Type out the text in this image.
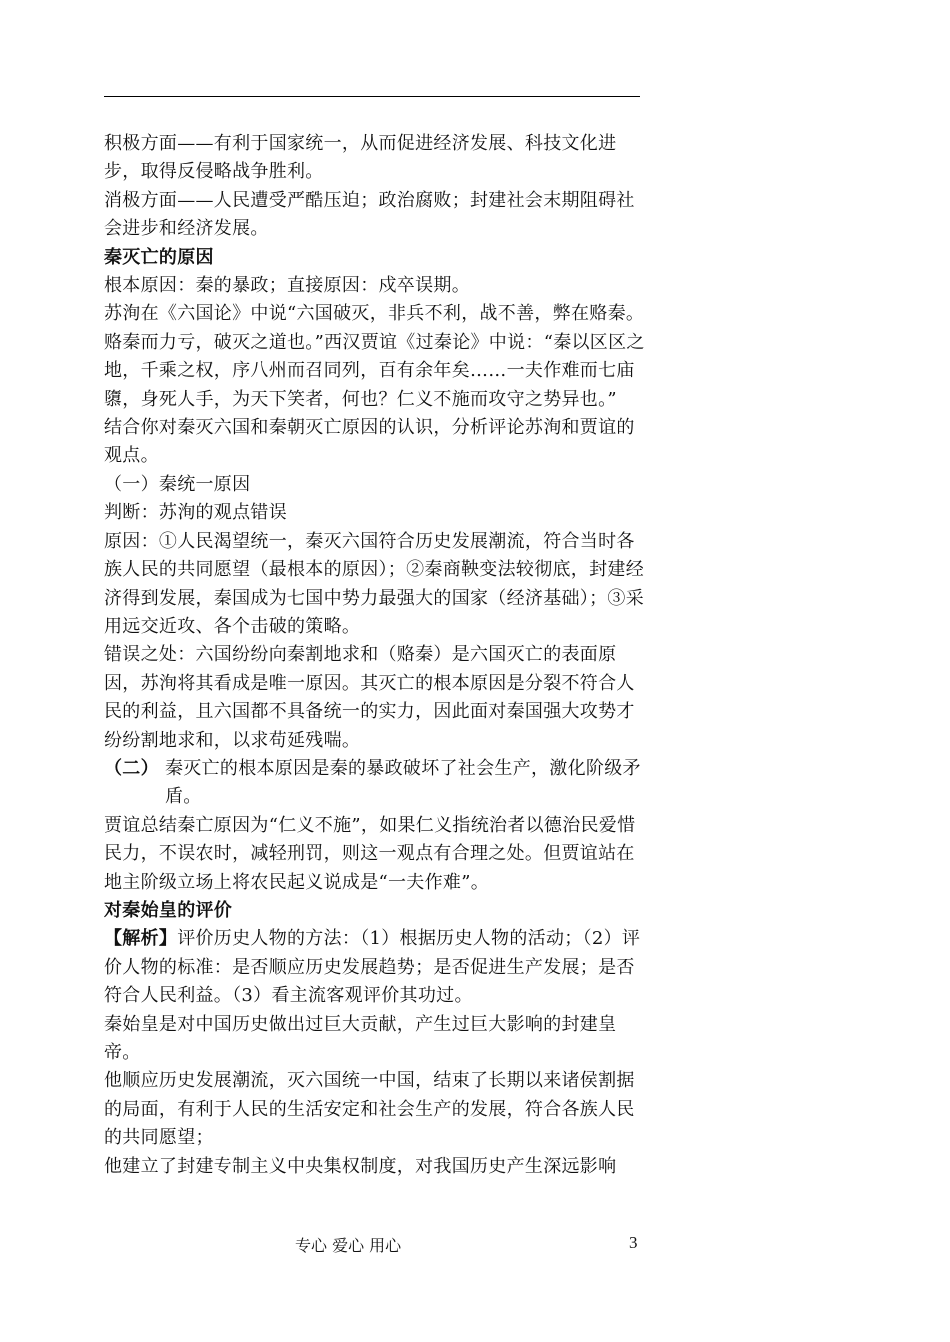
积极方面——有利于国家统一，从而促进经济发展、科技文化进步，取得反侵略战争胜利。

消极方面——人民遭受严酷压迫；政治腐败；封建社会末期阻碍社会进步和经济发展。

秦灭亡的原因

根本原因：秦的暴政；直接原因：戍卒误期。

苏洵在《六国论》中说“六国破灭，非兵不利，战不善，弊在赂秦。赂秦而力亏，破灭之道也。”西汉贾谊《过秦论》中说：“秦以区区之地，千乘之权，序八州而召同列，百有余年矣……一夫作难而七庙隳，身死人手，为天下笑者，何也？仁义不施而攻守之势异也。”

结合你对秦灭六国和秦朝灭亡原因的认识，分析评论苏洵和贾谊的观点。

（一）秦统一原因

判断：苏洵的观点错误

原因：①人民渴望统一，秦灭六国符合历史发展潮流，符合当时各族人民的共同愿望（最根本的原因）；②秦商鞅变法较彻底，封建经济得到发展，秦国成为七国中势力最强大的国家（经济基础）；③采用远交近攻、各个击破的策略。

错误之处：六国纷纷向秦割地求和（赂秦）是六国灭亡的表面原因，苏洵将其看成是唯一原因。其灭亡的根本原因是分裂不符合人民的利益，且六国都不具备统一的实力，因此面对秦国强大攻势才纷纷割地求和，以求苟延残喘。

（二） 秦灭亡的根本原因是秦的暴政破坏了社会生产，激化阶级矛盾。

贾谊总结秦亡原因为“仁义不施”，如果仁义指统治者以德治民爱惜民力，不误农时，减轻刑罚，则这一观点有合理之处。但贾谊站在地主阶级立场上将农民起义说成是“一夫作难”。

对秦始皇的评价

【解析】评价历史人物的方法：（1）根据历史人物的活动；（2）评价人物的标准：是否顺应历史发展趋势；是否促进生产发展；是否符合人民利益。（3）看主流客观评价其功过。

秦始皇是对中国历史做出过巨大贡献，产生过巨大影响的封建皇帝。

他顺应历史发展潮流，灭六国统一中国，结束了长期以来诸侯割据的局面，有利于人民的生活安定和社会生产的发展，符合各族人民的共同愿望；

他建立了封建专制主义中央集权制度，对我国历史产生深远影响

专心 爱心 用心	3
